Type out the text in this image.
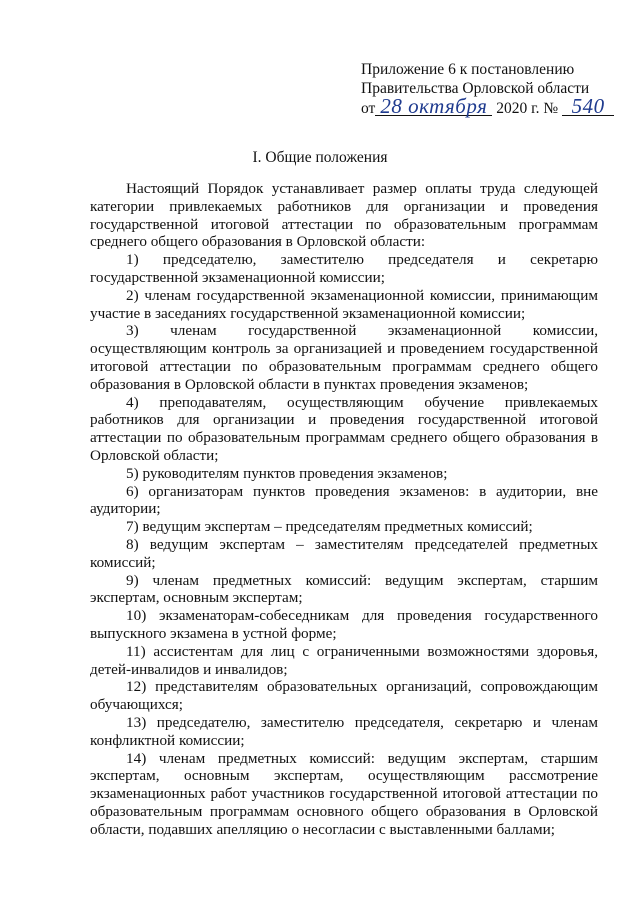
Приложение 6 к постановлению
Правительства Орловской области
от 28 октября 2020 г. № 540
I. Общие положения

Настоящий Порядок устанавливает размер оплаты труда следующей категории привлекаемых работников для организации и проведения государственной итоговой аттестации по образовательным программам среднего общего образования в Орловской области:

1) председателю, заместителю председателя и секретарю государственной экзаменационной комиссии;

2) членам государственной экзаменационной комиссии, принимающим участие в заседаниях государственной экзаменационной комиссии;

3) членам государственной экзаменационной комиссии, осуществляющим контроль за организацией и проведением государственной итоговой аттестации по образовательным программам среднего общего образования в Орловской области в пунктах проведения экзаменов;

4) преподавателям, осуществляющим обучение привлекаемых работников для организации и проведения государственной итоговой аттестации по образовательным программам среднего общего образования в Орловской области;

5) руководителям пунктов проведения экзаменов;

6) организаторам пунктов проведения экзаменов: в аудитории, вне аудитории;

7) ведущим экспертам – председателям предметных комиссий;

8) ведущим экспертам – заместителям председателей предметных комиссий;

9) членам предметных комиссий: ведущим экспертам, старшим экспертам, основным экспертам;

10) экзаменаторам-собеседникам для проведения государственного выпускного экзамена в устной форме;

11) ассистентам для лиц с ограниченными возможностями здоровья, детей-инвалидов и инвалидов;

12) представителям образовательных организаций, сопровождающим обучающихся;

13) председателю, заместителю председателя, секретарю и членам конфликтной комиссии;

14) членам предметных комиссий: ведущим экспертам, старшим экспертам, основным экспертам, осуществляющим рассмотрение экзаменационных работ участников государственной итоговой аттестации по образовательным программам основного общего образования в Орловской области, подавших апелляцию о несогласии с выставленными баллами;
